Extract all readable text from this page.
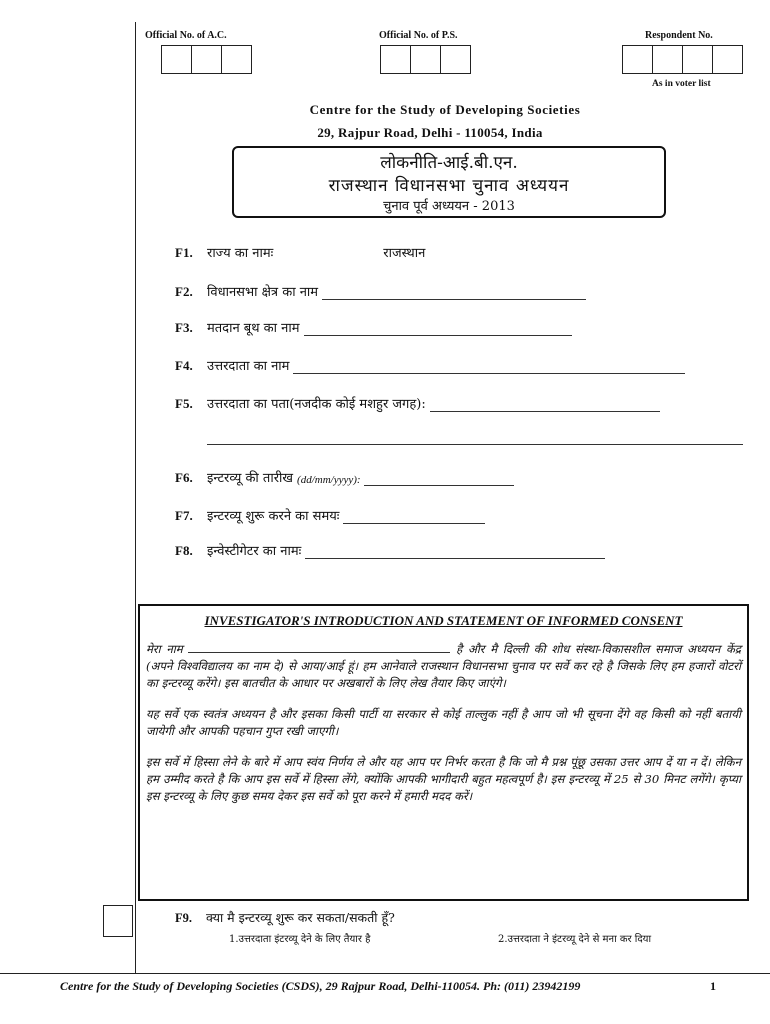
Official No. of A.C.	Official No. of P.S.	Respondent No.
As in voter list
Centre for the Study of Developing Societies
29, Rajpur Road, Delhi - 110054, India
लोकनीति-आई.बी.एन.
राजस्थान विधानसभा चुनाव अध्ययन
चुनाव पूर्व अध्ययन - 2013
F1.	राज्य का नामः	राजस्थान
F2.	विधानसभा क्षेत्र का नाम
F3.	मतदान बूथ का नाम
F4.	उत्तरदाता का नाम
F5.	उत्तरदाता का पता(नजदीक कोई मशहुर जगह):
F6.	इन्टरव्यू की तारीख (dd/mm/yyyy):
F7.	इन्टरव्यू शुरू करने का समयः
F8.	इन्वेस्टीगेटर का नामः
INVESTIGATOR'S INTRODUCTION AND STATEMENT OF INFORMED CONSENT

मेरा नाम	है और मै दिल्ली की शोध संस्था-विकासशील समाज अध्ययन केंद्र (अपने विश्वविद्यालय का नाम दे) से आया/आई हूं। हम आनेवाले राजस्थान विधानसभा चुनाव पर सर्वे कर रहे है जिसके लिए हम हजारों वोटरों का इन्टरव्यू करेंगे। इस बातचीत के आधार पर अखबारों के लिए लेख तैयार किए जाएंगे।

यह सर्वे एक स्वतंत्र अध्ययन है और इसका किसी पार्टी या सरकार से कोई ताल्लुक नहीं है आप जो भी सूचना देंगे वह किसी को नहीं बतायी जायेगी और आपकी पहचान गुप्त रखी जाएगी।

इस सर्वे में हिस्सा लेने के बारे में आप स्वंय निर्णय ले और यह आप पर निर्भर करता है कि जो मै प्रश्न पूंछू उसका उत्तर आप दें या न दें। लेकिन हम उम्मीद करते है कि आप इस सर्वे में हिस्सा लेंगे, क्योंकि आपकी भागीदारी बहुत महत्वपूर्ण है। इस इन्टरव्यू में 25 से 30 मिनट लगेंगे। कृप्या इस इन्टरव्यू के लिए कुछ समय देकर इस सर्वे को पूरा करने में हमारी मदद करें।

F9. क्या मै इन्टरव्यू शुरू कर सकता/सकती हूँ?
1.उत्तरदाता इंटरव्यू देने के लिए तैयार है	2.उत्तरदाता ने इंटरव्यू देने से मना कर दिया
Centre for the Study of Developing Societies (CSDS), 29 Rajpur Road, Delhi-110054. Ph: (011) 23942199	1
